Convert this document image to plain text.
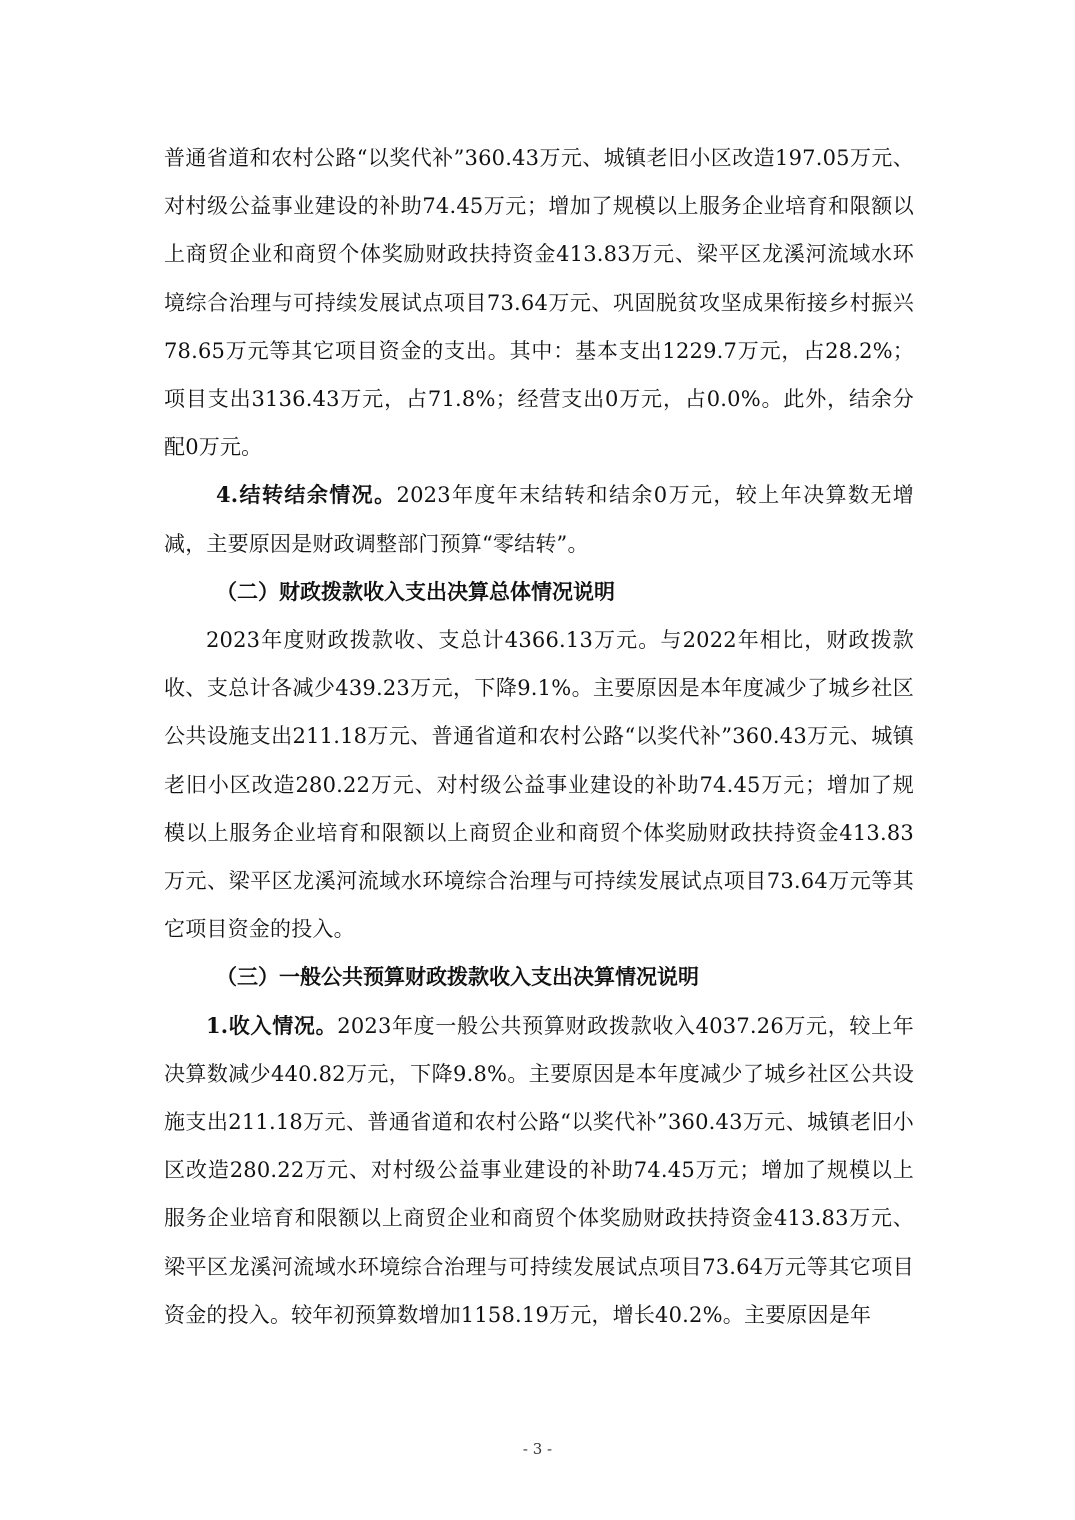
普通省道和农村公路“以奖代补”360.43万元、城镇老旧小区改造197.05万元、对村级公益事业建设的补助74.45万元；增加了规模以上服务企业培育和限额以上商贸企业和商贸个体奖励财政扶持资金413.83万元、梁平区龙溪河流域水环境综合治理与可持续发展试点项目73.64万元、巩固脱贫攻坚成果衔接乡村振兴78.65万元等其它项目资金的支出。其中：基本支出1229.7万元，占28.2%；项目支出3136.43万元，占71.8%；经营支出0万元，占0.0%。此外，结余分配0万元。

4.结转结余情况。2023年度年末结转和结余0万元，较上年决算数无增减，主要原因是财政调整部门预算“零结转”。

（二）财政拨款收入支出决算总体情况说明

2023年度财政拨款收、支总计4366.13万元。与2022年相比，财政拨款收、支总计各减少439.23万元，下降9.1%。主要原因是本年度减少了城乡社区公共设施支出211.18万元、普通省道和农村公路“以奖代补”360.43万元、城镇老旧小区改造280.22万元、对村级公益事业建设的补助74.45万元；增加了规模以上服务企业培育和限额以上商贸企业和商贸个体奖励财政扶持资金413.83万元、梁平区龙溪河流域水环境综合治理与可持续发展试点项目73.64万元等其它项目资金的投入。

（三）一般公共预算财政拨款收入支出决算情况说明

1.收入情况。2023年度一般公共预算财政拨款收入4037.26万元，较上年决算数减少440.82万元，下降9.8%。主要原因是本年度减少了城乡社区公共设施支出211.18万元、普通省道和农村公路“以奖代补”360.43万元、城镇老旧小区改造280.22万元、对村级公益事业建设的补助74.45万元；增加了规模以上服务企业培育和限额以上商贸企业和商贸个体奖励财政扶持资金413.83万元、梁平区龙溪河流域水环境综合治理与可持续发展试点项目73.64万元等其它项目资金的投入。较年初预算数增加1158.19万元，增长40.2%。主要原因是年

- 3 -
